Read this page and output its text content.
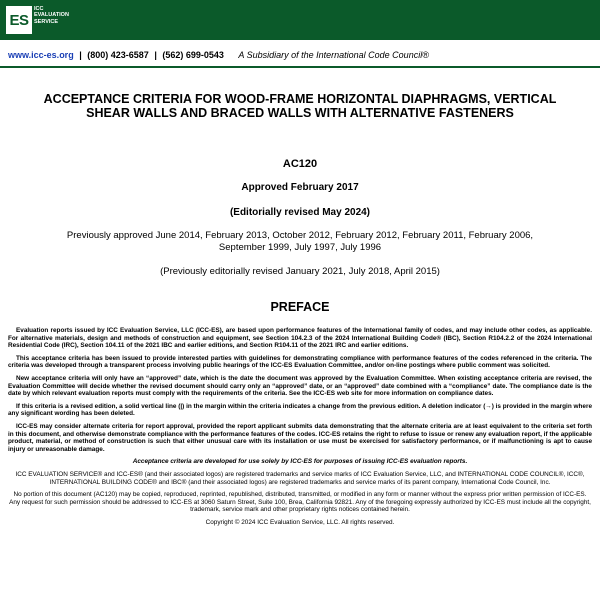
ES
ICC
EVALUATION
SERVICE
www.icc-es.org | (800) 423-6587 | (562) 699-0543 A Subsidiary of the International Code Council®
ACCEPTANCE CRITERIA FOR WOOD-FRAME HORIZONTAL DIAPHRAGMS, VERTICAL SHEAR WALLS AND BRACED WALLS WITH ALTERNATIVE FASTENERS
AC120
Approved February 2017
(Editorially revised May 2024)
Previously approved June 2014, February 2013, October 2012, February 2012, February 2011, February 2006, September 1999, July 1997, July 1996
(Previously editorially revised January 2021, July 2018, April 2015)
PREFACE

Evaluation reports issued by ICC Evaluation Service, LLC (ICC-ES), are based upon performance features of the International family of codes, and may include other codes, as applicable. For alternative materials, design and methods of construction and equipment, see Section 104.2.3 of the 2024 International Building Code® (IBC), Section R104.2.2 of the 2024 International Residential Code (IRC), Section 104.11 of the 2021 IBC and earlier editions, and Section R104.11 of the 2021 IRC and earlier editions.

This acceptance criteria has been issued to provide interested parties with guidelines for demonstrating compliance with performance features of the codes referenced in the criteria. The criteria was developed through a transparent process involving public hearings of the ICC-ES Evaluation Committee, and/or on-line postings where public comment was solicited.

New acceptance criteria will only have an “approved” date, which is the date the document was approved by the Evaluation Committee. When existing acceptance criteria are revised, the Evaluation Committee will decide whether the revised document should carry only an “approved” date, or an “approved” date combined with a “compliance” date. The compliance date is the date by which relevant evaluation reports must comply with the requirements of the criteria. See the ICC-ES web site for more information on compliance dates.

If this criteria is a revised edition, a solid vertical line (|) in the margin within the criteria indicates a change from the previous edition. A deletion indicator (→) is provided in the margin where any significant wording has been deleted.

ICC-ES may consider alternate criteria for report approval, provided the report applicant submits data demonstrating that the alternate criteria are at least equivalent to the criteria set forth in this document, and otherwise demonstrate compliance with the performance features of the codes. ICC-ES retains the right to refuse to issue or renew any evaluation report, if the applicable product, material, or method of construction is such that either unusual care with its installation or use must be exercised for satisfactory performance, or if malfunctioning is apt to cause injury or unreasonable damage.

Acceptance criteria are developed for use solely by ICC-ES for purposes of issuing ICC-ES evaluation reports.

ICC EVALUATION SERVICE® and ICC-ES® (and their associated logos) are registered trademarks and service marks of ICC Evaluation Service, LLC, and INTERNATIONAL CODE COUNCIL®, ICC®, INTERNATIONAL BUILDING CODE® and IBC® (and their associated logos) are registered trademarks and service marks of its parent company, International Code Council, Inc.

No portion of this document (AC120) may be copied, reproduced, reprinted, republished, distributed, transmitted, or modified in any form or manner without the express prior written permission of ICC-ES. Any request for such permission should be addressed to ICC-ES at 3060 Saturn Street, Suite 100, Brea, California 92821. Any of the foregoing expressly authorized by ICC-ES must include all the copyright, trademark, service mark and other proprietary rights notices contained herein.

Copyright © 2024 ICC Evaluation Service, LLC. All rights reserved.
